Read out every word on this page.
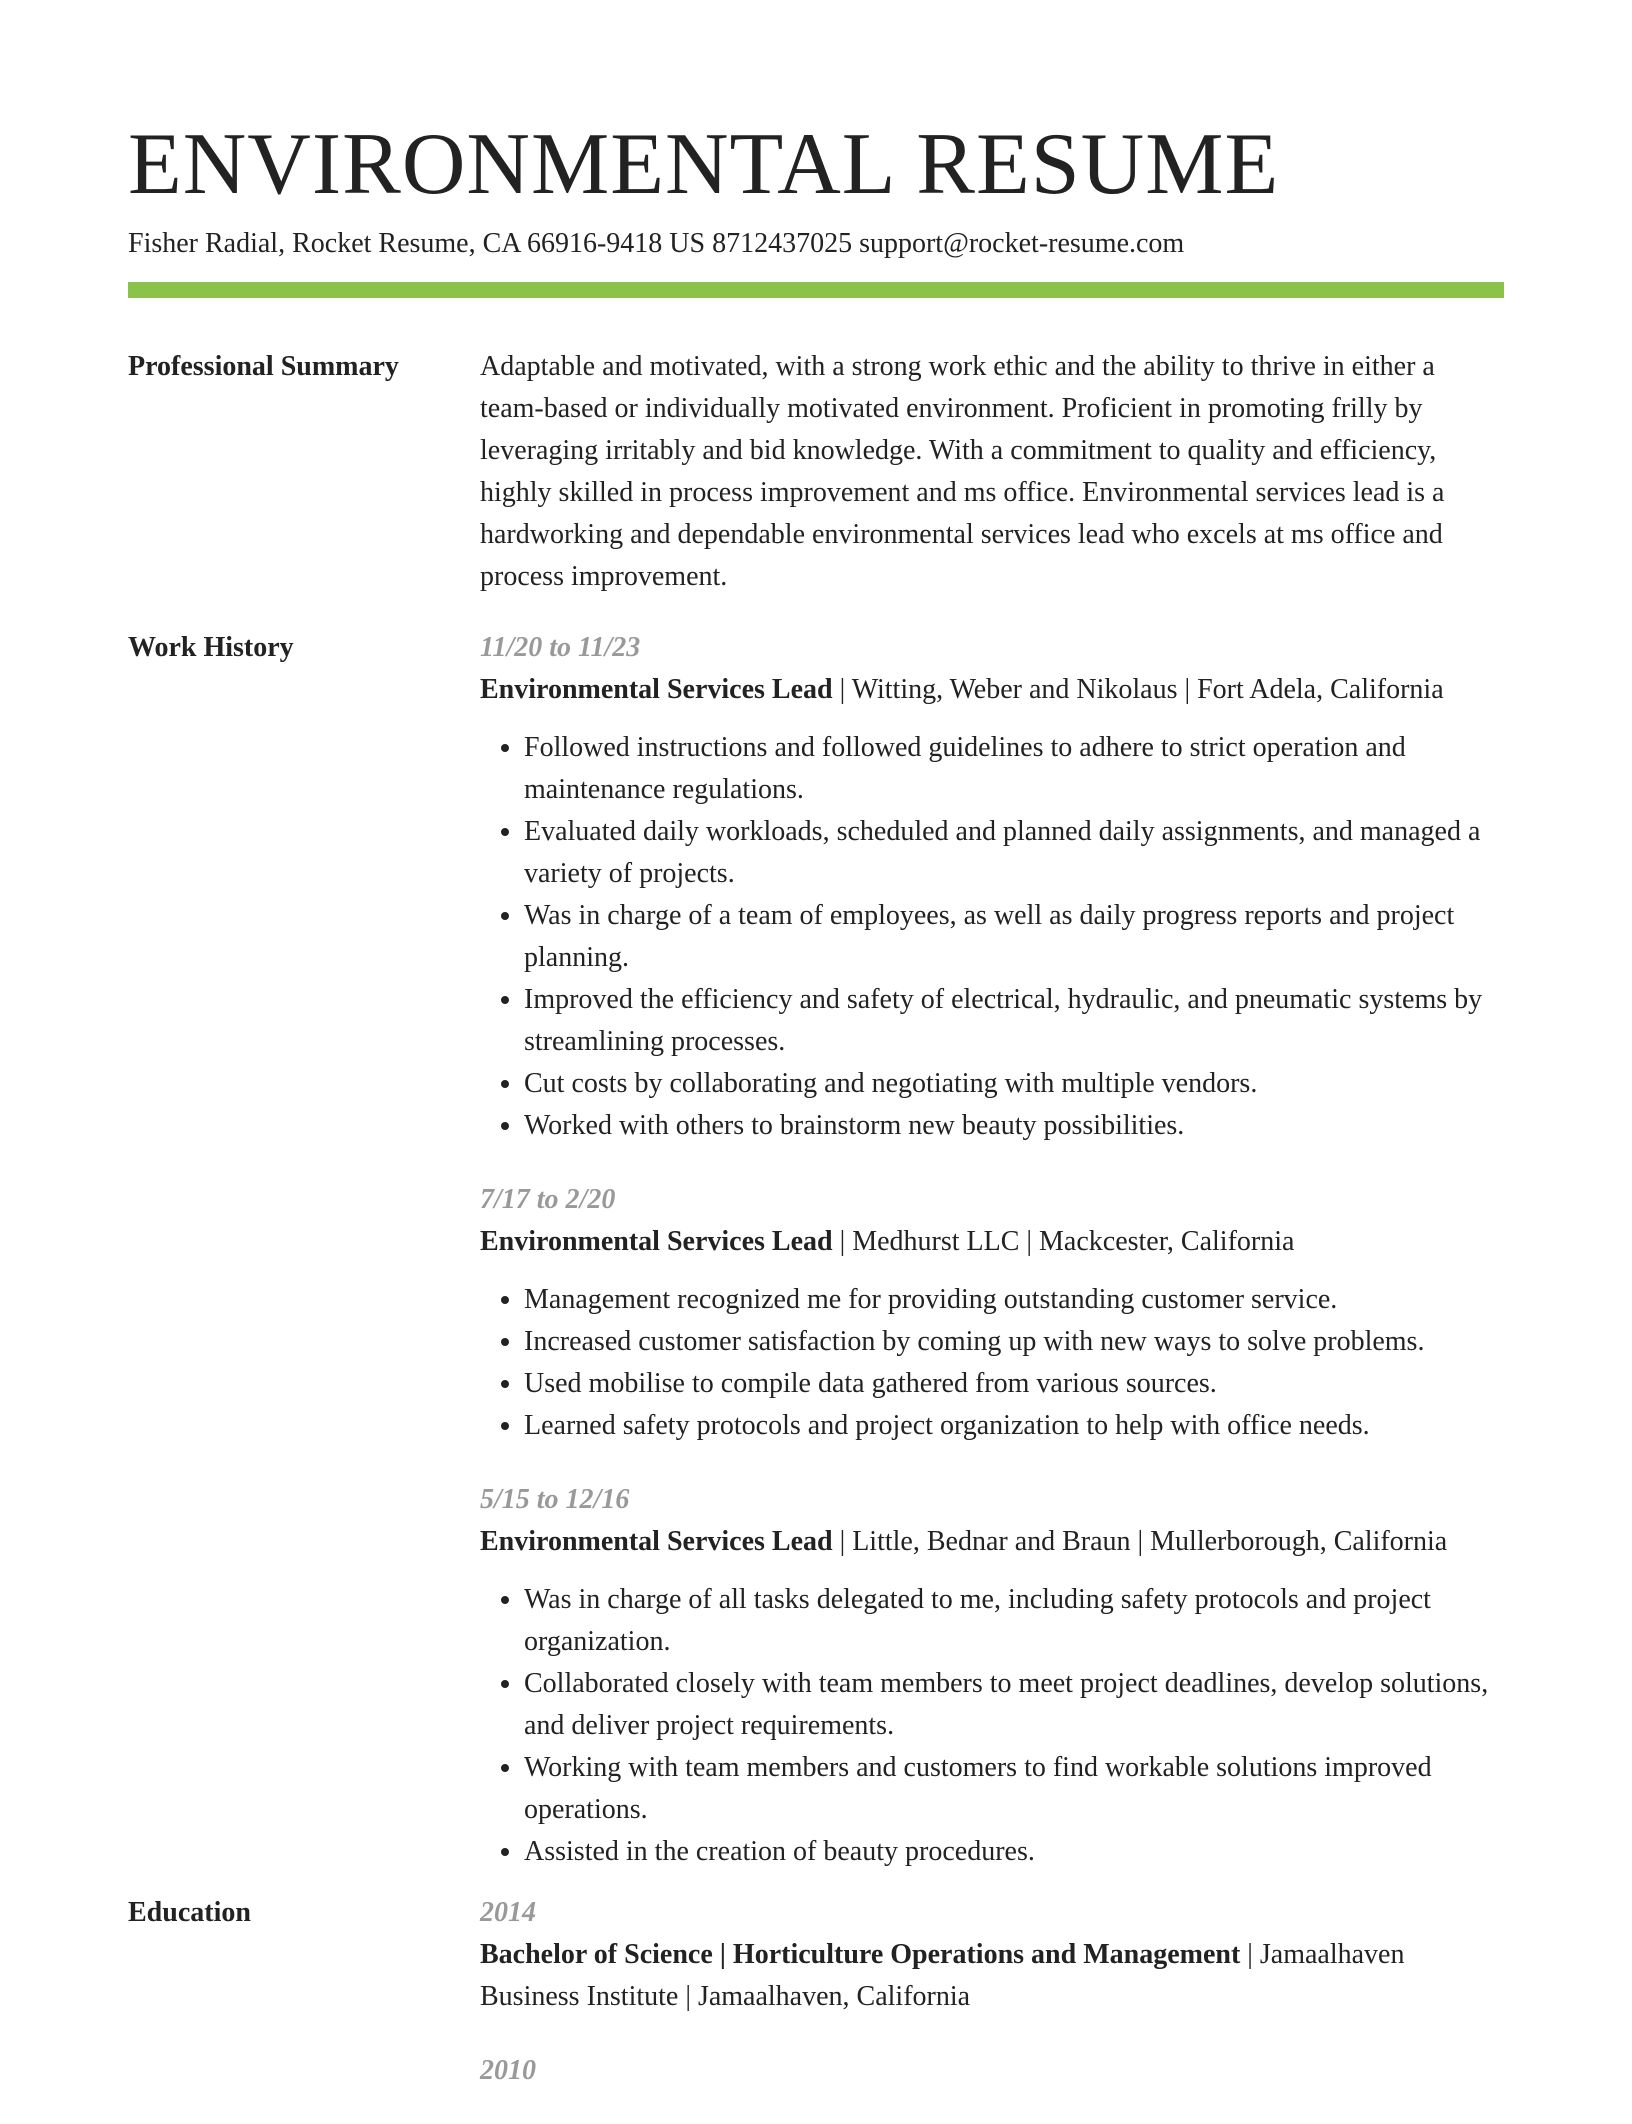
ENVIRONMENTAL RESUME
Fisher Radial, Rocket Resume, CA 66916-9418 US 8712437025 support@rocket-resume.com
Professional Summary	Adaptable and motivated, with a strong work ethic and the ability to thrive in either a team-based or individually motivated environment. Proficient in promoting frilly by leveraging irritably and bid knowledge. With a commitment to quality and efficiency, highly skilled in process improvement and ms office. Environmental services lead is a hardworking and dependable environmental services lead who excels at ms office and process improvement.
Work History	11/20 to 11/23
Environmental Services Lead | Witting, Weber and Nikolaus | Fort Adela, California
• Followed instructions and followed guidelines to adhere to strict operation and maintenance regulations.
• Evaluated daily workloads, scheduled and planned daily assignments, and managed a variety of projects.
• Was in charge of a team of employees, as well as daily progress reports and project planning.
• Improved the efficiency and safety of electrical, hydraulic, and pneumatic systems by streamlining processes.
• Cut costs by collaborating and negotiating with multiple vendors.
• Worked with others to brainstorm new beauty possibilities.
7/17 to 2/20
Environmental Services Lead | Medhurst LLC | Mackcester, California
• Management recognized me for providing outstanding customer service.
• Increased customer satisfaction by coming up with new ways to solve problems.
• Used mobilise to compile data gathered from various sources.
• Learned safety protocols and project organization to help with office needs.
5/15 to 12/16
Environmental Services Lead | Little, Bednar and Braun | Mullerborough, California
• Was in charge of all tasks delegated to me, including safety protocols and project organization.
• Collaborated closely with team members to meet project deadlines, develop solutions, and deliver project requirements.
• Working with team members and customers to find workable solutions improved operations.
• Assisted in the creation of beauty procedures.
Education	2014
Bachelor of Science | Horticulture Operations and Management | Jamaalhaven Business Institute | Jamaalhaven, California
2010
